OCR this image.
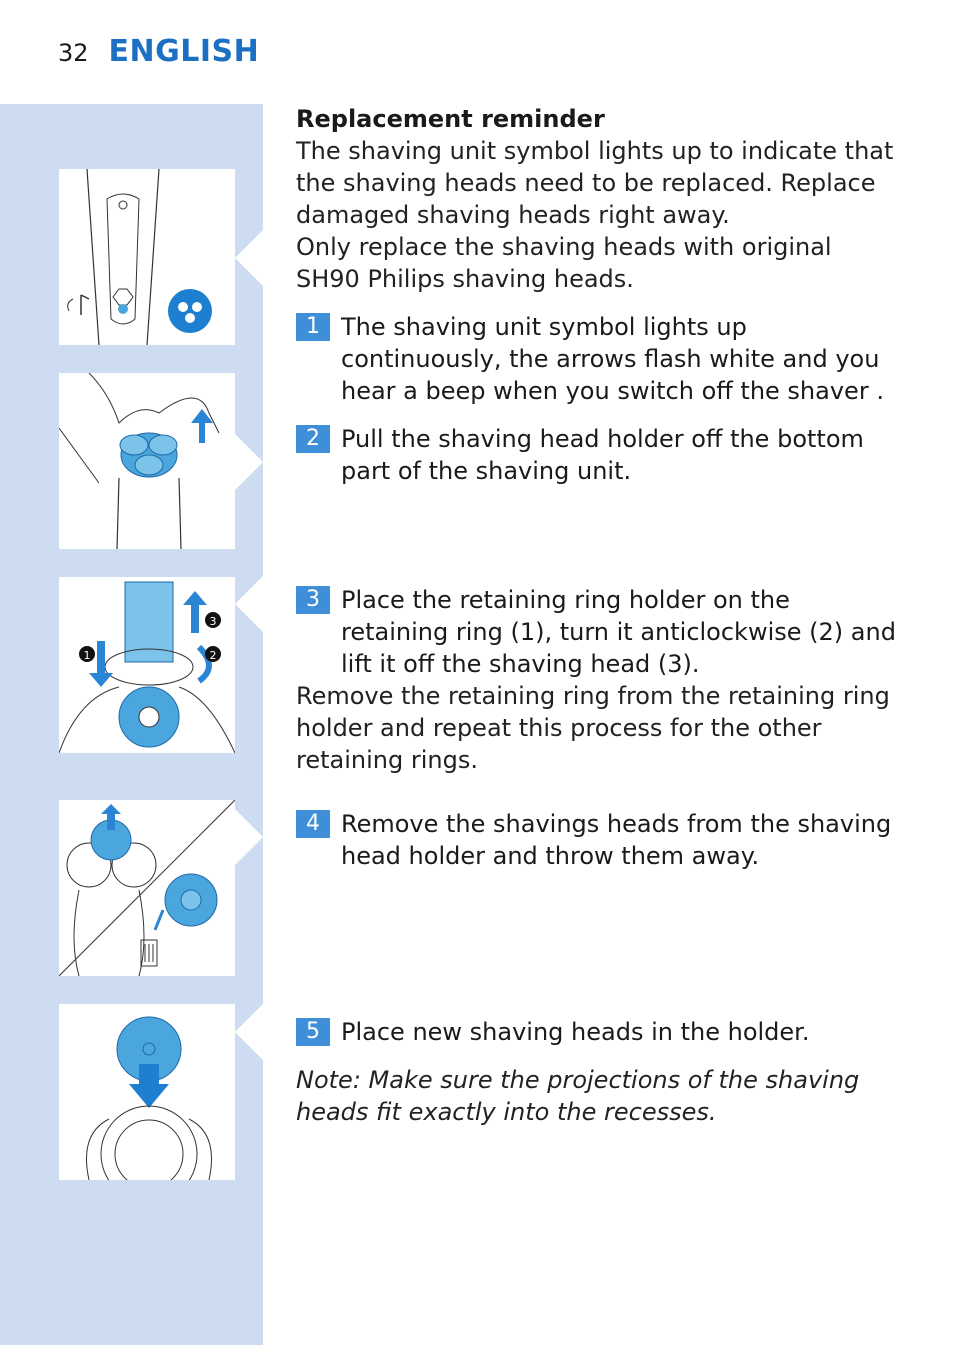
32 ENGLISH
1	2
3
Replacement reminder
The shaving unit symbol lights up to indicate that the shaving heads need to be replaced. Replace damaged shaving heads right away.
Only replace the shaving heads with original SH90 Philips shaving heads.
1 The shaving unit symbol lights up continuously, the arrows flash white and you hear a beep when you switch off the shaver .
2 Pull the shaving head holder off the bottom part of the shaving unit.
3 Place the retaining ring holder on the retaining ring (1), turn it anticlockwise (2) and lift it off the shaving head (3).
Remove the retaining ring from the retaining ring holder and repeat this process for the other retaining rings.
4 Remove the shavings heads from the shaving head holder and throw them away.
5 Place new shaving heads in the holder.
Note: Make sure the projections of the shaving heads fit exactly into the recesses.
